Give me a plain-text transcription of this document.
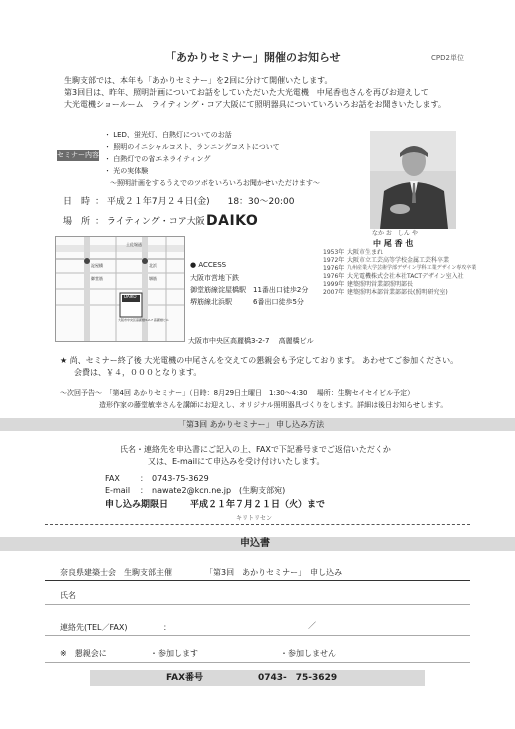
「あかりセミナー」開催のお知らせ	CPD2単位
生駒支部では、本年も「あかりセミナー」を2回に分けて開催いたします。
第3回目は、昨年、照明計画についてお話をしていただいた大光電機　中尾香也さんを再びお迎えして
大光電機ショールーム　ライティング・コア大阪にて照明器具についていろいろお話をお聞きいたします。
セミナー内容
・ LED、蛍光灯、白熱灯についてのお話
・ 照明のイニシャルコスト、ランニングコストについて
・ 白熱灯での省エネライティング
・ 光の実体験
～照明計画をするうえでのツボをいろいろお聞かせいただけます～
なか お　しん や
中 尾 香 也
1953年 大阪市生まれ
1972年 大阪市立工芸高等学校金属工芸科卒業
1976年 九州産業大学芸術学部デザイン学科工業デザイン専攻卒業
1976年 大光電機株式会社本社TACTデザイン室入社
1999年 建築照明営業部照明部長
2007年 建築照明本部営業部部長(照明研究室)
日　時 ： 平成２１年7月２４日(金)　　18：30～20:00
場　所 ： ライティング・コア大阪 DAIKO
土佐堀通
御堂筋	堺筋
北浜
淀屋橋
DAIKO
大阪市中央区高麗橋3-2-7 高麗橋ビル
● ACCESS
大阪市営地下鉄
御堂筋線淀屋橋駅　11番出口徒歩2分
堺筋線北浜駅　　　6番出口徒歩5分
大阪市中央区高麗橋3-2-7　 高麗橋ビル
★ 尚、セミナー終了後 大光電機の中尾さんを交えての懇親会も予定しております。 あわせてご参加ください。
会費は、￥４，０００となります。
～次回予告～　「第4回 あかりセミナー」（日時：8月29日土曜日　1:30～4:30　 場所：生駒セイセイビル予定）
造形作家の藤堂敏幸さんを講師にお迎えし、オリジナル照明器具づくりをします。詳細は後日お知らせします。
「第3回 あかりセミナー」 申し込み方法
氏名・連絡先を申込書にご記入の上、FAXで下記番号までご返信いただくか
又は、E-mailにて申込みを受け付けいたします。
FAX	：　0743-75-3629
E-mail ：　nawate2@kcn.ne.jp　(生駒支部宛)
申し込み期限日 平成２１年７月２１日（火）まで
キリトリセン
申込書
奈良県建築士会　生駒支部主催	「第3回　あかりセミナー」　申し込み
氏名
連絡先(TEL／FAX)	：	／
※　懇親会に	・参加します	・参加しません
FAX番号	0743-　75-3629
